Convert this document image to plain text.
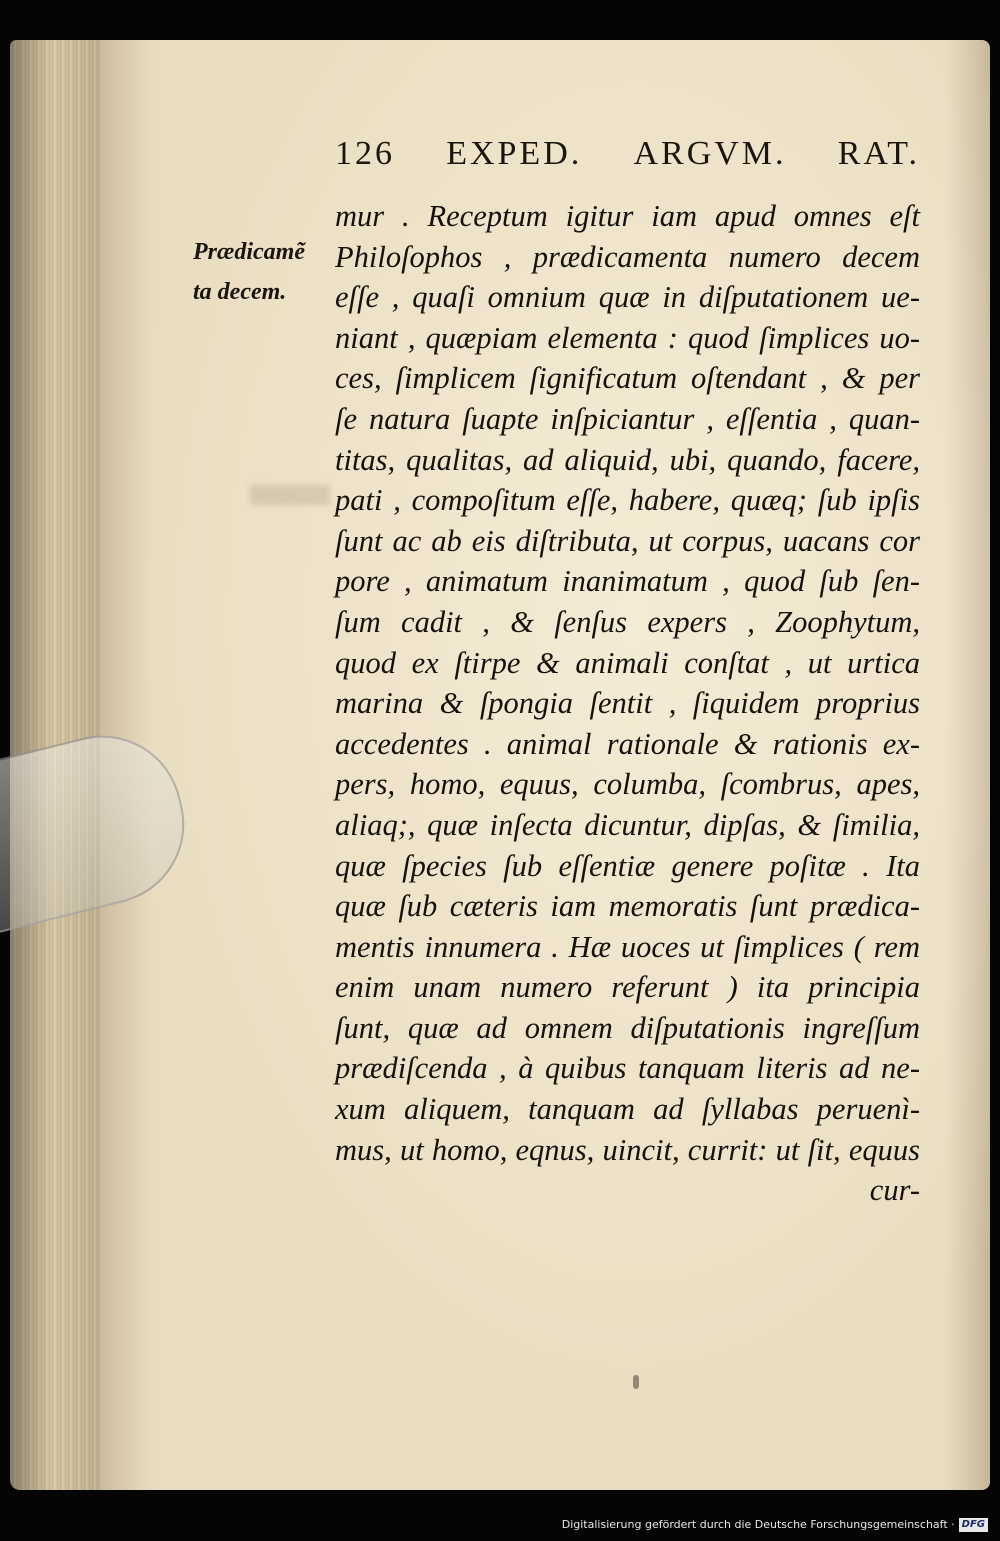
126 EXPED. ARGVM. RAT.
Prædicamẽ
ta decem.
mur . Receptum igitur iam apud omnes eſt
Philoſophos , prædicamenta numero decem
eſſe , quaſi omnium quæ in diſputationem ue-
niant , quæpiam elementa : quod ſimplices uo-
ces, ſimplicem ſignificatum oſtendant , & per
ſe natura ſuapte inſpiciantur , eſſentia , quan-
titas, qualitas, ad aliquid, ubi, quando, facere,
pati , compoſitum eſſe, habere, quæq; ſub ipſis
ſunt ac ab eis diſtributa, ut corpus, uacans cor
pore , animatum inanimatum , quod ſub ſen-
ſum cadit , & ſenſus expers , Zoophytum,
quod ex ſtirpe & animali conſtat , ut urtica
marina & ſpongia ſentit , ſiquidem proprius
accedentes . animal rationale & rationis ex-
pers, homo, equus, columba, ſcombrus, apes,
aliaq;, quæ inſecta dicuntur, dipſas, & ſimilia,
quæ ſpecies ſub eſſentiæ genere poſitæ . Ita
quæ ſub cæteris iam memoratis ſunt prædica-
mentis innumera . Hæ uoces ut ſimplices ( rem
enim unam numero referunt ) ita principia
ſunt, quæ ad omnem diſputationis ingreſſum
prædiſcenda , à quibus tanquam literis ad ne-
xum aliquem, tanquam ad ſyllabas peruenì-
mus, ut homo, eqnus, uincit, currit: ut ſit, equus
cur-
Digitalisierung gefördert durch die Deutsche Forschungsgemeinschaft · DFG
